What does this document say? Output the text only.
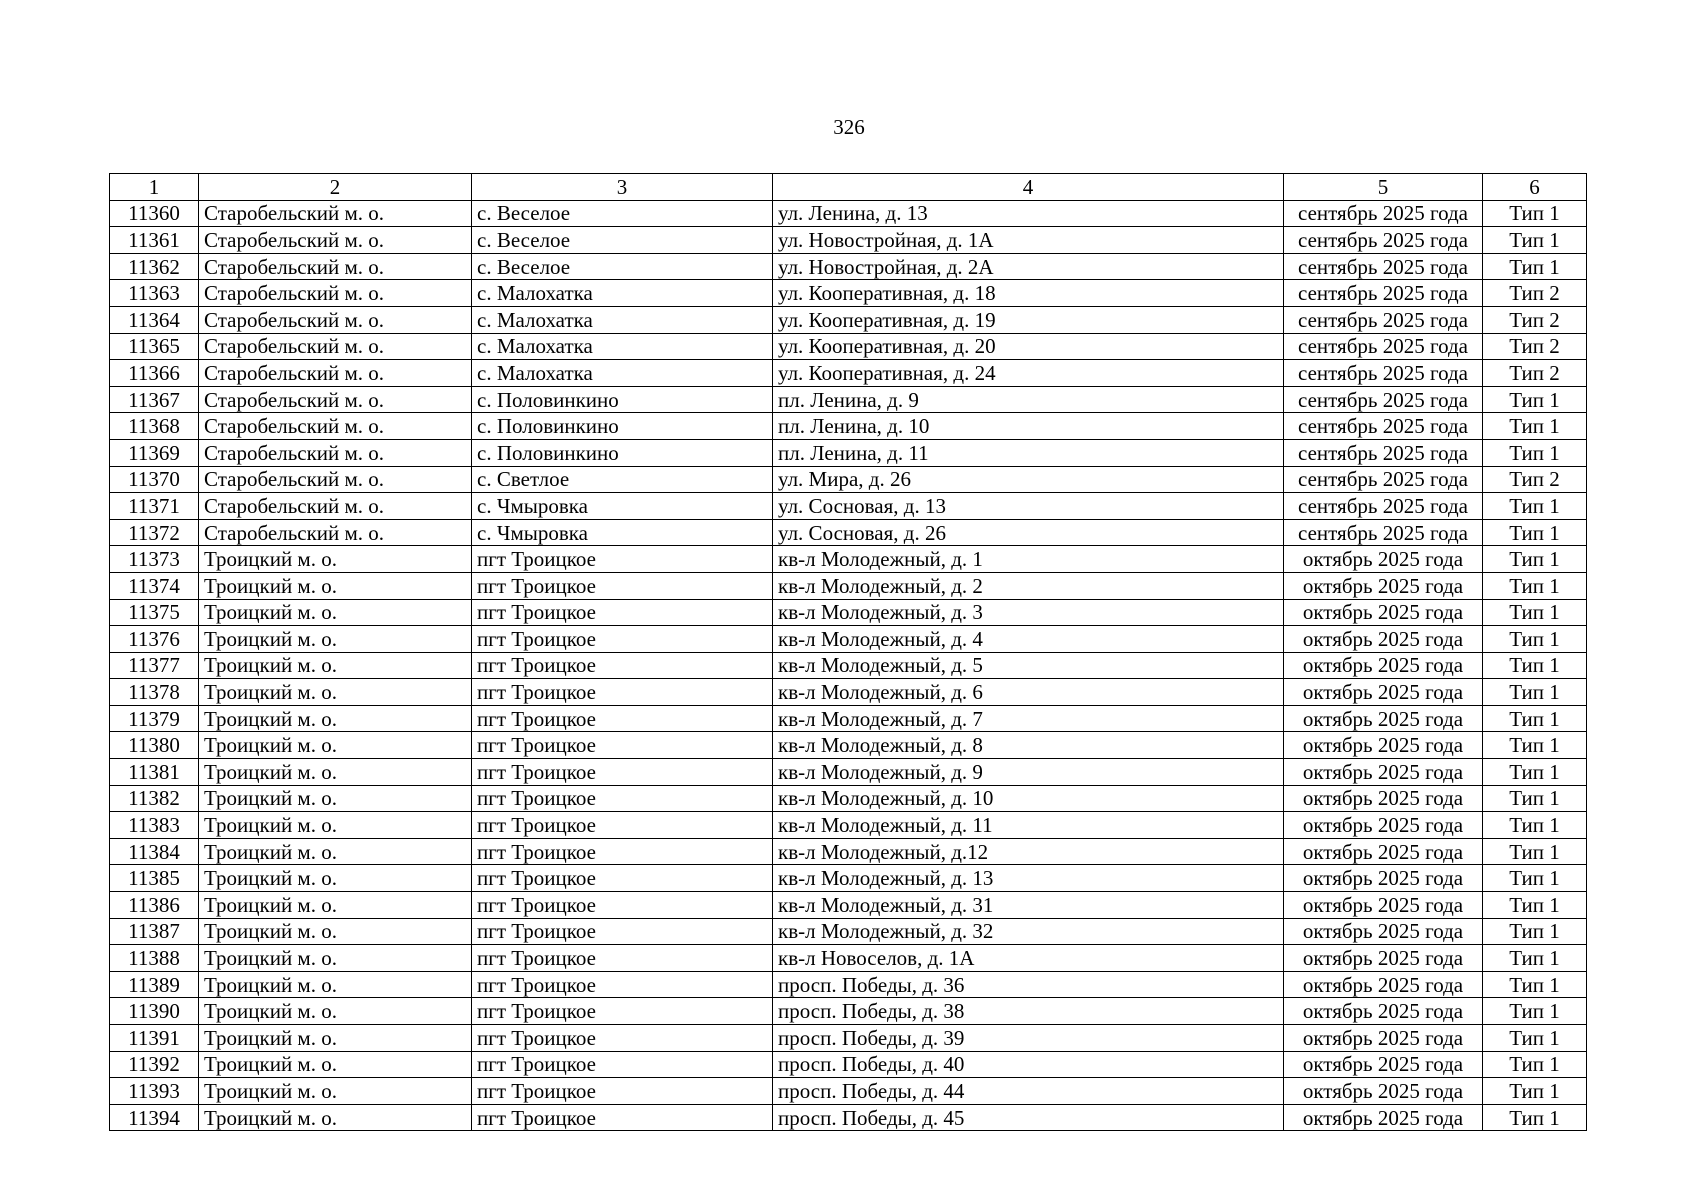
326
1	2	3	4	5	6
11360	Старобельский м. о.	с. Веселое	ул. Ленина, д. 13	сентябрь 2025 года	Тип 1
11361	Старобельский м. о.	с. Веселое	ул. Новостройная, д. 1А	сентябрь 2025 года	Тип 1
11362	Старобельский м. о.	с. Веселое	ул. Новостройная, д. 2А	сентябрь 2025 года	Тип 1
11363	Старобельский м. о.	с. Малохатка	ул. Кооперативная, д. 18	сентябрь 2025 года	Тип 2
11364	Старобельский м. о.	с. Малохатка	ул. Кооперативная, д. 19	сентябрь 2025 года	Тип 2
11365	Старобельский м. о.	с. Малохатка	ул. Кооперативная, д. 20	сентябрь 2025 года	Тип 2
11366	Старобельский м. о.	с. Малохатка	ул. Кооперативная, д. 24	сентябрь 2025 года	Тип 2
11367	Старобельский м. о.	с. Половинкино	пл. Ленина, д. 9	сентябрь 2025 года	Тип 1
11368	Старобельский м. о.	с. Половинкино	пл. Ленина, д. 10	сентябрь 2025 года	Тип 1
11369	Старобельский м. о.	с. Половинкино	пл. Ленина, д. 11	сентябрь 2025 года	Тип 1
11370	Старобельский м. о.	с. Светлое	ул. Мира, д. 26	сентябрь 2025 года	Тип 2
11371	Старобельский м. о.	с. Чмыровка	ул. Сосновая, д. 13	сентябрь 2025 года	Тип 1
11372	Старобельский м. о.	с. Чмыровка	ул. Сосновая, д. 26	сентябрь 2025 года	Тип 1
11373	Троицкий м. о.	пгт Троицкое	кв-л Молодежный, д. 1	октябрь 2025 года	Тип 1
11374	Троицкий м. о.	пгт Троицкое	кв-л Молодежный, д. 2	октябрь 2025 года	Тип 1
11375	Троицкий м. о.	пгт Троицкое	кв-л Молодежный, д. 3	октябрь 2025 года	Тип 1
11376	Троицкий м. о.	пгт Троицкое	кв-л Молодежный, д. 4	октябрь 2025 года	Тип 1
11377	Троицкий м. о.	пгт Троицкое	кв-л Молодежный, д. 5	октябрь 2025 года	Тип 1
11378	Троицкий м. о.	пгт Троицкое	кв-л Молодежный, д. 6	октябрь 2025 года	Тип 1
11379	Троицкий м. о.	пгт Троицкое	кв-л Молодежный, д. 7	октябрь 2025 года	Тип 1
11380	Троицкий м. о.	пгт Троицкое	кв-л Молодежный, д. 8	октябрь 2025 года	Тип 1
11381	Троицкий м. о.	пгт Троицкое	кв-л Молодежный, д. 9	октябрь 2025 года	Тип 1
11382	Троицкий м. о.	пгт Троицкое	кв-л Молодежный, д. 10	октябрь 2025 года	Тип 1
11383	Троицкий м. о.	пгт Троицкое	кв-л Молодежный, д. 11	октябрь 2025 года	Тип 1
11384	Троицкий м. о.	пгт Троицкое	кв-л Молодежный, д.12	октябрь 2025 года	Тип 1
11385	Троицкий м. о.	пгт Троицкое	кв-л Молодежный, д. 13	октябрь 2025 года	Тип 1
11386	Троицкий м. о.	пгт Троицкое	кв-л Молодежный, д. 31	октябрь 2025 года	Тип 1
11387	Троицкий м. о.	пгт Троицкое	кв-л Молодежный, д. 32	октябрь 2025 года	Тип 1
11388	Троицкий м. о.	пгт Троицкое	кв-л Новоселов, д. 1А	октябрь 2025 года	Тип 1
11389	Троицкий м. о.	пгт Троицкое	просп. Победы, д. 36	октябрь 2025 года	Тип 1
11390	Троицкий м. о.	пгт Троицкое	просп. Победы, д. 38	октябрь 2025 года	Тип 1
11391	Троицкий м. о.	пгт Троицкое	просп. Победы, д. 39	октябрь 2025 года	Тип 1
11392	Троицкий м. о.	пгт Троицкое	просп. Победы, д. 40	октябрь 2025 года	Тип 1
11393	Троицкий м. о.	пгт Троицкое	просп. Победы, д. 44	октябрь 2025 года	Тип 1
11394	Троицкий м. о.	пгт Троицкое	просп. Победы, д. 45	октябрь 2025 года	Тип 1
